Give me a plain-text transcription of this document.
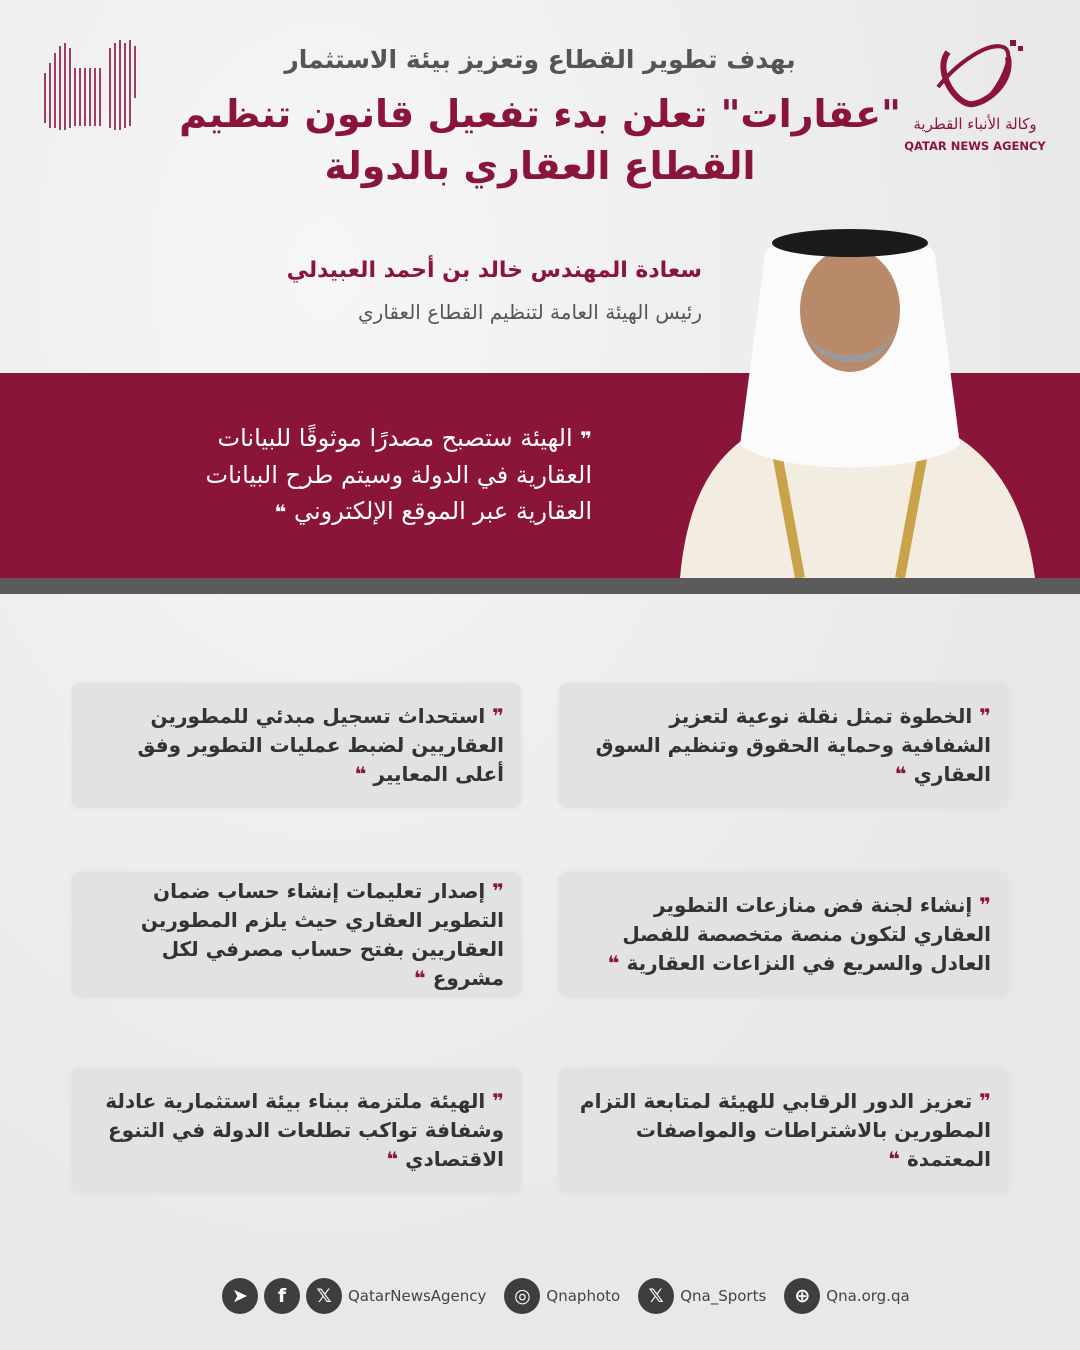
وكالة الأنباء القطرية
QATAR NEWS AGENCY
بهدف تطوير القطاع وتعزيز بيئة الاستثمار
"عقارات" تعلن بدء تفعيل قانون تنظيم
القطاع العقاري بالدولة
سعادة المهندس خالد بن أحمد العبيدلي
رئيس الهيئة العامة لتنظيم القطاع العقاري
❞ الهيئة ستصبح مصدرًا موثوقًا للبيانات
العقارية في الدولة وسيتم طرح البيانات
العقارية عبر الموقع الإلكتروني ❝

❞ الخطوة تمثل نقلة نوعية لتعزيز الشفافية وحماية الحقوق وتنظيم السوق العقاري ❝

❞ استحداث تسجيل مبدئي للمطورين العقاريين لضبط عمليات التطوير وفق أعلى المعايير ❝

❞ إنشاء لجنة فض منازعات التطوير العقاري لتكون منصة متخصصة للفصل العادل والسريع في النزاعات العقارية ❝

❞ إصدار تعليمات إنشاء حساب ضمان التطوير العقاري حيث يلزم المطورين العقاريين بفتح حساب مصرفي لكل مشروع ❝

❞ تعزيز الدور الرقابي للهيئة لمتابعة التزام المطورين بالاشتراطات والمواصفات المعتمدة ❝

❞ الهيئة ملتزمة ببناء بيئة استثمارية عادلة وشفافة تواكب تطلعات الدولة في التنوع الاقتصادي ❝

➤	f	𝕏	QatarNewsAgency	◎	Qnaphoto	𝕏	Qna_Sports	⊕	Qna.org.qa
